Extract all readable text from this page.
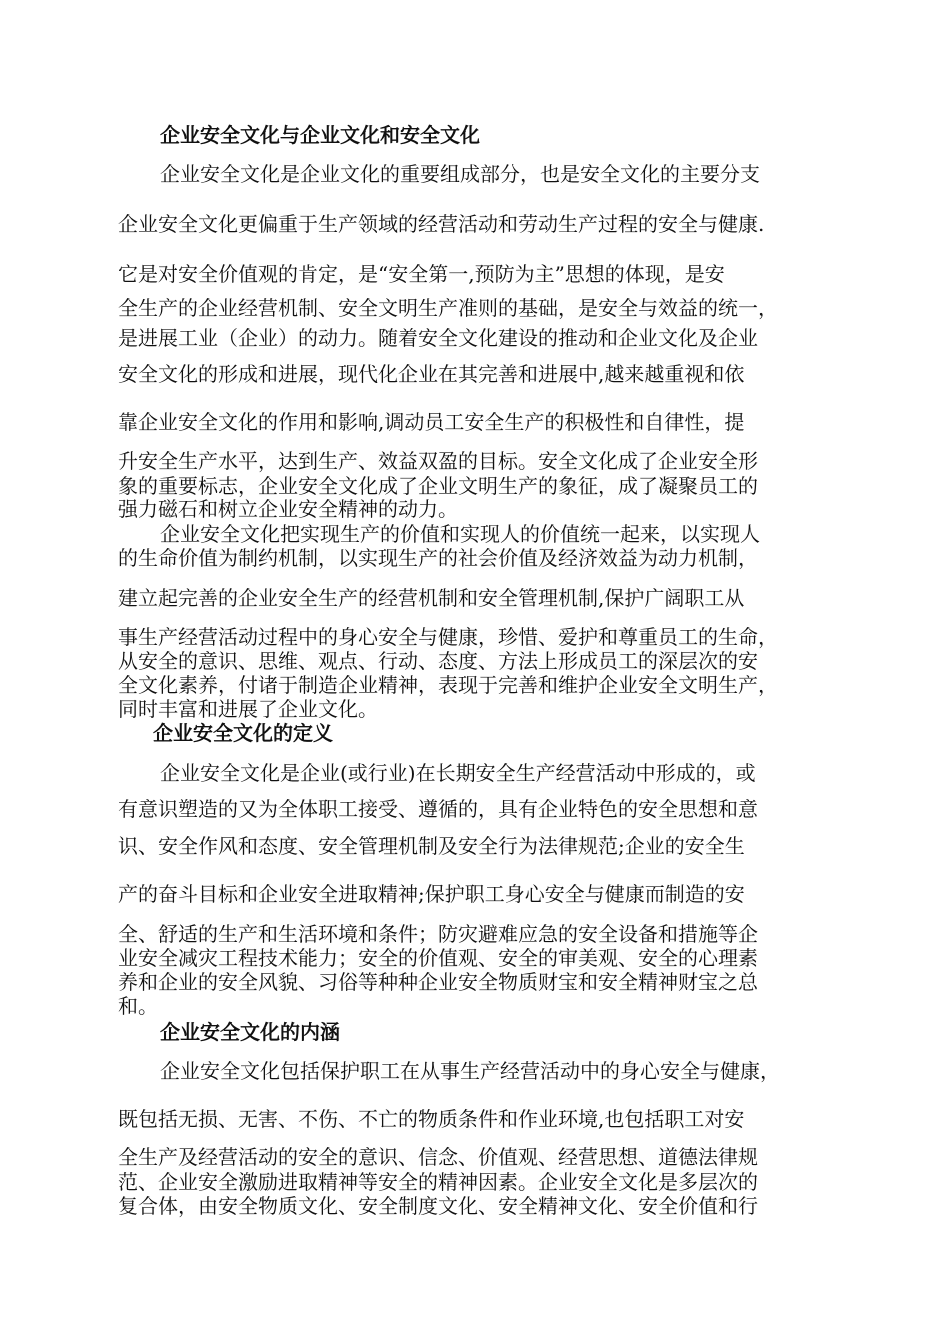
企业安全文化与企业文化和安全文化
企业安全文化是企业文化的重要组成部分，也是安全文化的主要分支
企业安全文化更偏重于生产领域的经营活动和劳动生产过程的安全与健康.
它是对安全价值观的肯定，是“安全第一,预防为主”思想的体现，是安
全生产的企业经营机制、安全文明生产准则的基础，是安全与效益的统一，
是进展工业（企业）的动力。随着安全文化建设的推动和企业文化及企业
安全文化的形成和进展，现代化企业在其完善和进展中,越来越重视和依
靠企业安全文化的作用和影响,调动员工安全生产的积极性和自律性，提
升安全生产水平，达到生产、效益双盈的目标。安全文化成了企业安全形
象的重要标志，企业安全文化成了企业文明生产的象征，成了凝聚员工的
强力磁石和树立企业安全精神的动力。
企业安全文化把实现生产的价值和实现人的价值统一起来，以实现人
的生命价值为制约机制，以实现生产的社会价值及经济效益为动力机制，
建立起完善的企业安全生产的经营机制和安全管理机制,保护广阔职工从
事生产经营活动过程中的身心安全与健康，珍惜、爱护和尊重员工的生命，
从安全的意识、思维、观点、行动、态度、方法上形成员工的深层次的安
全文化素养，付诸于制造企业精神，表现于完善和维护企业安全文明生产，
同时丰富和进展了企业文化。
企业安全文化的定义
企业安全文化是企业(或行业)在长期安全生产经营活动中形成的，或
有意识塑造的又为全体职工接受、遵循的，具有企业特色的安全思想和意
识、安全作风和态度、安全管理机制及安全行为法律规范;企业的安全生
产的奋斗目标和企业安全进取精神;保护职工身心安全与健康而制造的安
全、舒适的生产和生活环境和条件；防灾避难应急的安全设备和措施等企
业安全减灾工程技术能力；安全的价值观、安全的审美观、安全的心理素
养和企业的安全风貌、习俗等种种企业安全物质财宝和安全精神财宝之总
和。
企业安全文化的内涵
企业安全文化包括保护职工在从事生产经营活动中的身心安全与健康，
既包括无损、无害、不伤、不亡的物质条件和作业环境,也包括职工对安
全生产及经营活动的安全的意识、信念、价值观、经营思想、道德法律规
范、企业安全激励进取精神等安全的精神因素。企业安全文化是多层次的
复合体，由安全物质文化、安全制度文化、安全精神文化、安全价值和行
